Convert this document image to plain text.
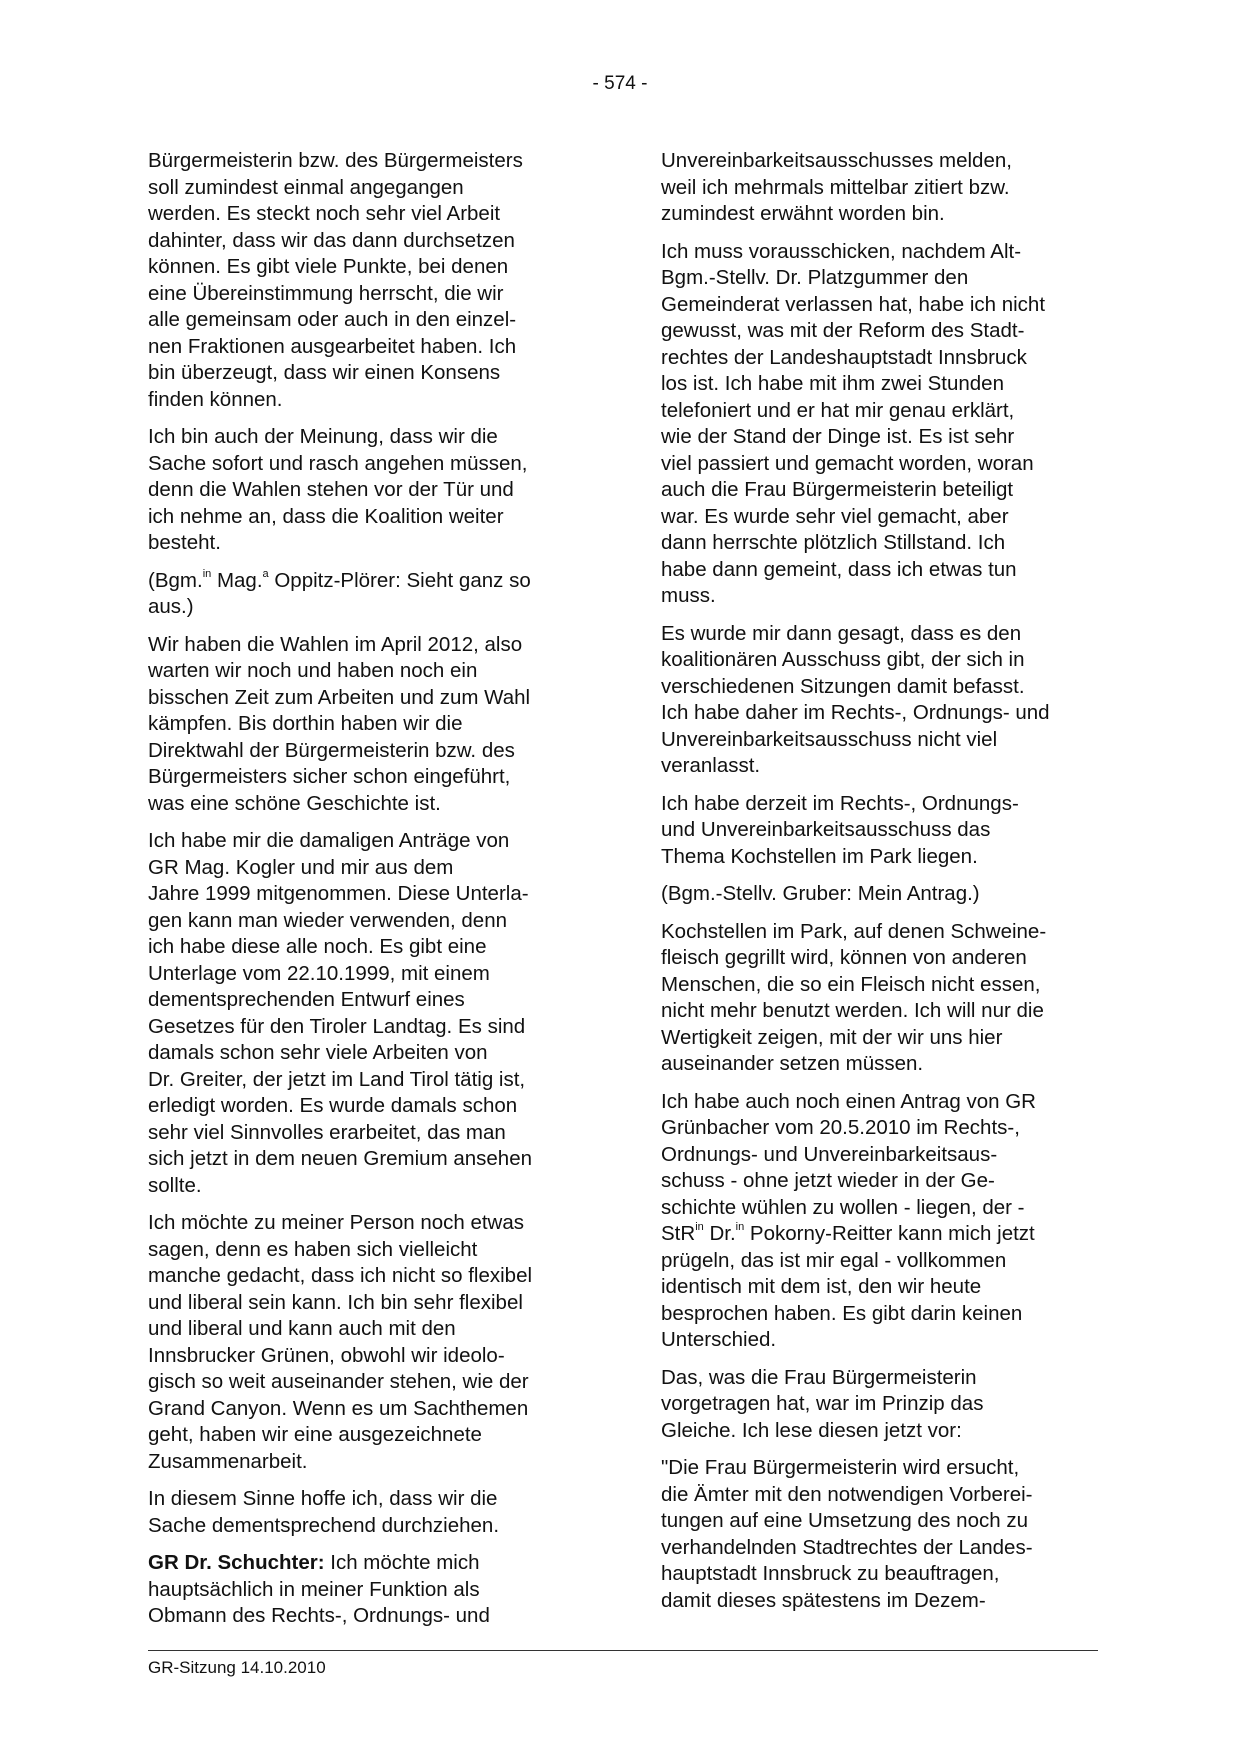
- 574 -

Bürgermeisterin bzw. des Bürgermeisters
soll zumindest einmal angegangen
werden. Es steckt noch sehr viel Arbeit
dahinter, dass wir das dann durchsetzen
können. Es gibt viele Punkte, bei denen
eine Übereinstimmung herrscht, die wir
alle gemeinsam oder auch in den einzel-
nen Fraktionen ausgearbeitet haben. Ich
bin überzeugt, dass wir einen Konsens
finden können.

Ich bin auch der Meinung, dass wir die
Sache sofort und rasch angehen müssen,
denn die Wahlen stehen vor der Tür und
ich nehme an, dass die Koalition weiter
besteht.

(Bgm.$^{in}$ Mag.$^a$ Oppitz-Plörer: Sieht ganz so
aus.)

Wir haben die Wahlen im April 2012, also
warten wir noch und haben noch ein
bisschen Zeit zum Arbeiten und zum Wahl
kämpfen. Bis dorthin haben wir die
Direktwahl der Bürgermeisterin bzw. des
Bürgermeisters sicher schon eingeführt,
was eine schöne Geschichte ist.

Ich habe mir die damaligen Anträge von
GR Mag. Kogler und mir aus dem
Jahre 1999 mitgenommen. Diese Unterla-
gen kann man wieder verwenden, denn
ich habe diese alle noch. Es gibt eine
Unterlage vom 22.10.1999, mit einem
dementsprechenden Entwurf eines
Gesetzes für den Tiroler Landtag. Es sind
damals schon sehr viele Arbeiten von
Dr. Greiter, der jetzt im Land Tirol tätig ist,
erledigt worden. Es wurde damals schon
sehr viel Sinnvolles erarbeitet, das man
sich jetzt in dem neuen Gremium ansehen
sollte.

Ich möchte zu meiner Person noch etwas
sagen, denn es haben sich vielleicht
manche gedacht, dass ich nicht so flexibel
und liberal sein kann. Ich bin sehr flexibel
und liberal und kann auch mit den
Innsbrucker Grünen, obwohl wir ideolo-
gisch so weit auseinander stehen, wie der
Grand Canyon. Wenn es um Sachthemen
geht, haben wir eine ausgezeichnete
Zusammenarbeit.

In diesem Sinne hoffe ich, dass wir die
Sache dementsprechend durchziehen.

GR Dr. Schuchter: Ich möchte mich
hauptsächlich in meiner Funktion als
Obmann des Rechts-, Ordnungs- und

Unvereinbarkeitsausschusses melden,
weil ich mehrmals mittelbar zitiert bzw.
zumindest erwähnt worden bin.

Ich muss vorausschicken, nachdem Alt-
Bgm.-Stellv. Dr. Platzgummer den
Gemeinderat verlassen hat, habe ich nicht
gewusst, was mit der Reform des Stadt-
rechtes der Landeshauptstadt Innsbruck
los ist. Ich habe mit ihm zwei Stunden
telefoniert und er hat mir genau erklärt,
wie der Stand der Dinge ist. Es ist sehr
viel passiert und gemacht worden, woran
auch die Frau Bürgermeisterin beteiligt
war. Es wurde sehr viel gemacht, aber
dann herrschte plötzlich Stillstand. Ich
habe dann gemeint, dass ich etwas tun
muss.

Es wurde mir dann gesagt, dass es den
koalitionären Ausschuss gibt, der sich in
verschiedenen Sitzungen damit befasst.
Ich habe daher im Rechts-, Ordnungs- und
Unvereinbarkeitsausschuss nicht viel
veranlasst.

Ich habe derzeit im Rechts-, Ordnungs-
und Unvereinbarkeitsausschuss das
Thema Kochstellen im Park liegen.

(Bgm.-Stellv. Gruber: Mein Antrag.)

Kochstellen im Park, auf denen Schweine-
fleisch gegrillt wird, können von anderen
Menschen, die so ein Fleisch nicht essen,
nicht mehr benutzt werden. Ich will nur die
Wertigkeit zeigen, mit der wir uns hier
auseinander setzen müssen.

Ich habe auch noch einen Antrag von GR
Grünbacher vom 20.5.2010 im Rechts-,
Ordnungs- und Unvereinbarkeitsaus-
schuss - ohne jetzt wieder in der Ge-
schichte wühlen zu wollen - liegen, der -
StR$^{in}$ Dr.$^{in}$ Pokorny-Reitter kann mich jetzt
prügeln, das ist mir egal - vollkommen
identisch mit dem ist, den wir heute
besprochen haben. Es gibt darin keinen
Unterschied.

Das, was die Frau Bürgermeisterin
vorgetragen hat, war im Prinzip das
Gleiche. Ich lese diesen jetzt vor:

"Die Frau Bürgermeisterin wird ersucht,
die Ämter mit den notwendigen Vorberei-
tungen auf eine Umsetzung des noch zu
verhandelnden Stadtrechtes der Landes-
hauptstadt Innsbruck zu beauftragen,
damit dieses spätestens im Dezem-

GR-Sitzung 14.10.2010
